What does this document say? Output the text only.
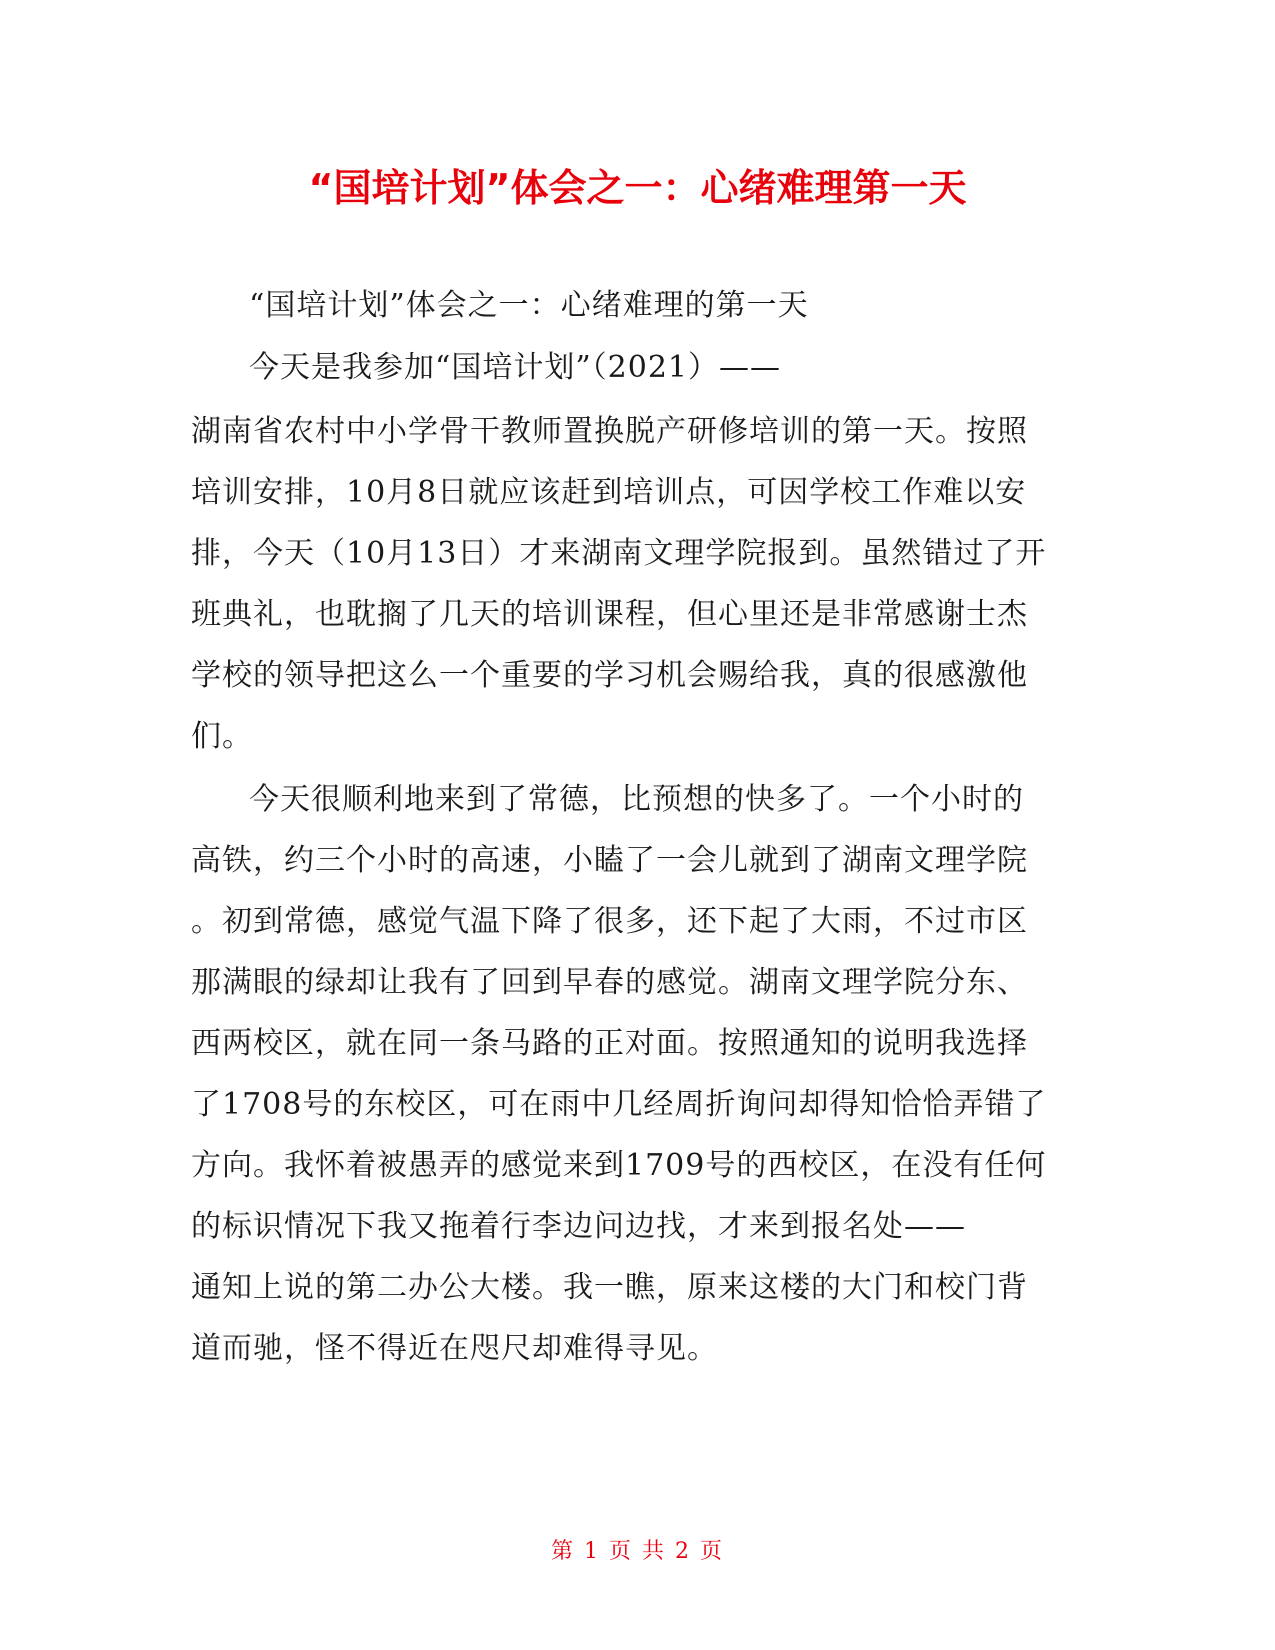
“国培计划”体会之一：心绪难理第一天

“国培计划”体会之一：心绪难理的第一天

今天是我参加“国培计划”（2021）——

湖南省农村中小学骨干教师置换脱产研修培训的第一天。按照

培训安排，10月8日就应该赶到培训点，可因学校工作难以安

排，今天（10月13日）才来湖南文理学院报到。虽然错过了开

班典礼，也耽搁了几天的培训课程，但心里还是非常感谢士杰

学校的领导把这么一个重要的学习机会赐给我，真的很感激他

们。

今天很顺利地来到了常德，比预想的快多了。一个小时的

高铁，约三个小时的高速，小瞌了一会儿就到了湖南文理学院

。初到常德，感觉气温下降了很多，还下起了大雨，不过市区

那满眼的绿却让我有了回到早春的感觉。湖南文理学院分东、

西两校区，就在同一条马路的正对面。按照通知的说明我选择

了1708号的东校区，可在雨中几经周折询问却得知恰恰弄错了

方向。我怀着被愚弄的感觉来到1709号的西校区，在没有任何

的标识情况下我又拖着行李边问边找，才来到报名处——

通知上说的第二办公大楼。我一瞧，原来这楼的大门和校门背

道而驰，怪不得近在咫尺却难得寻见。

第 1 页 共 2 页
